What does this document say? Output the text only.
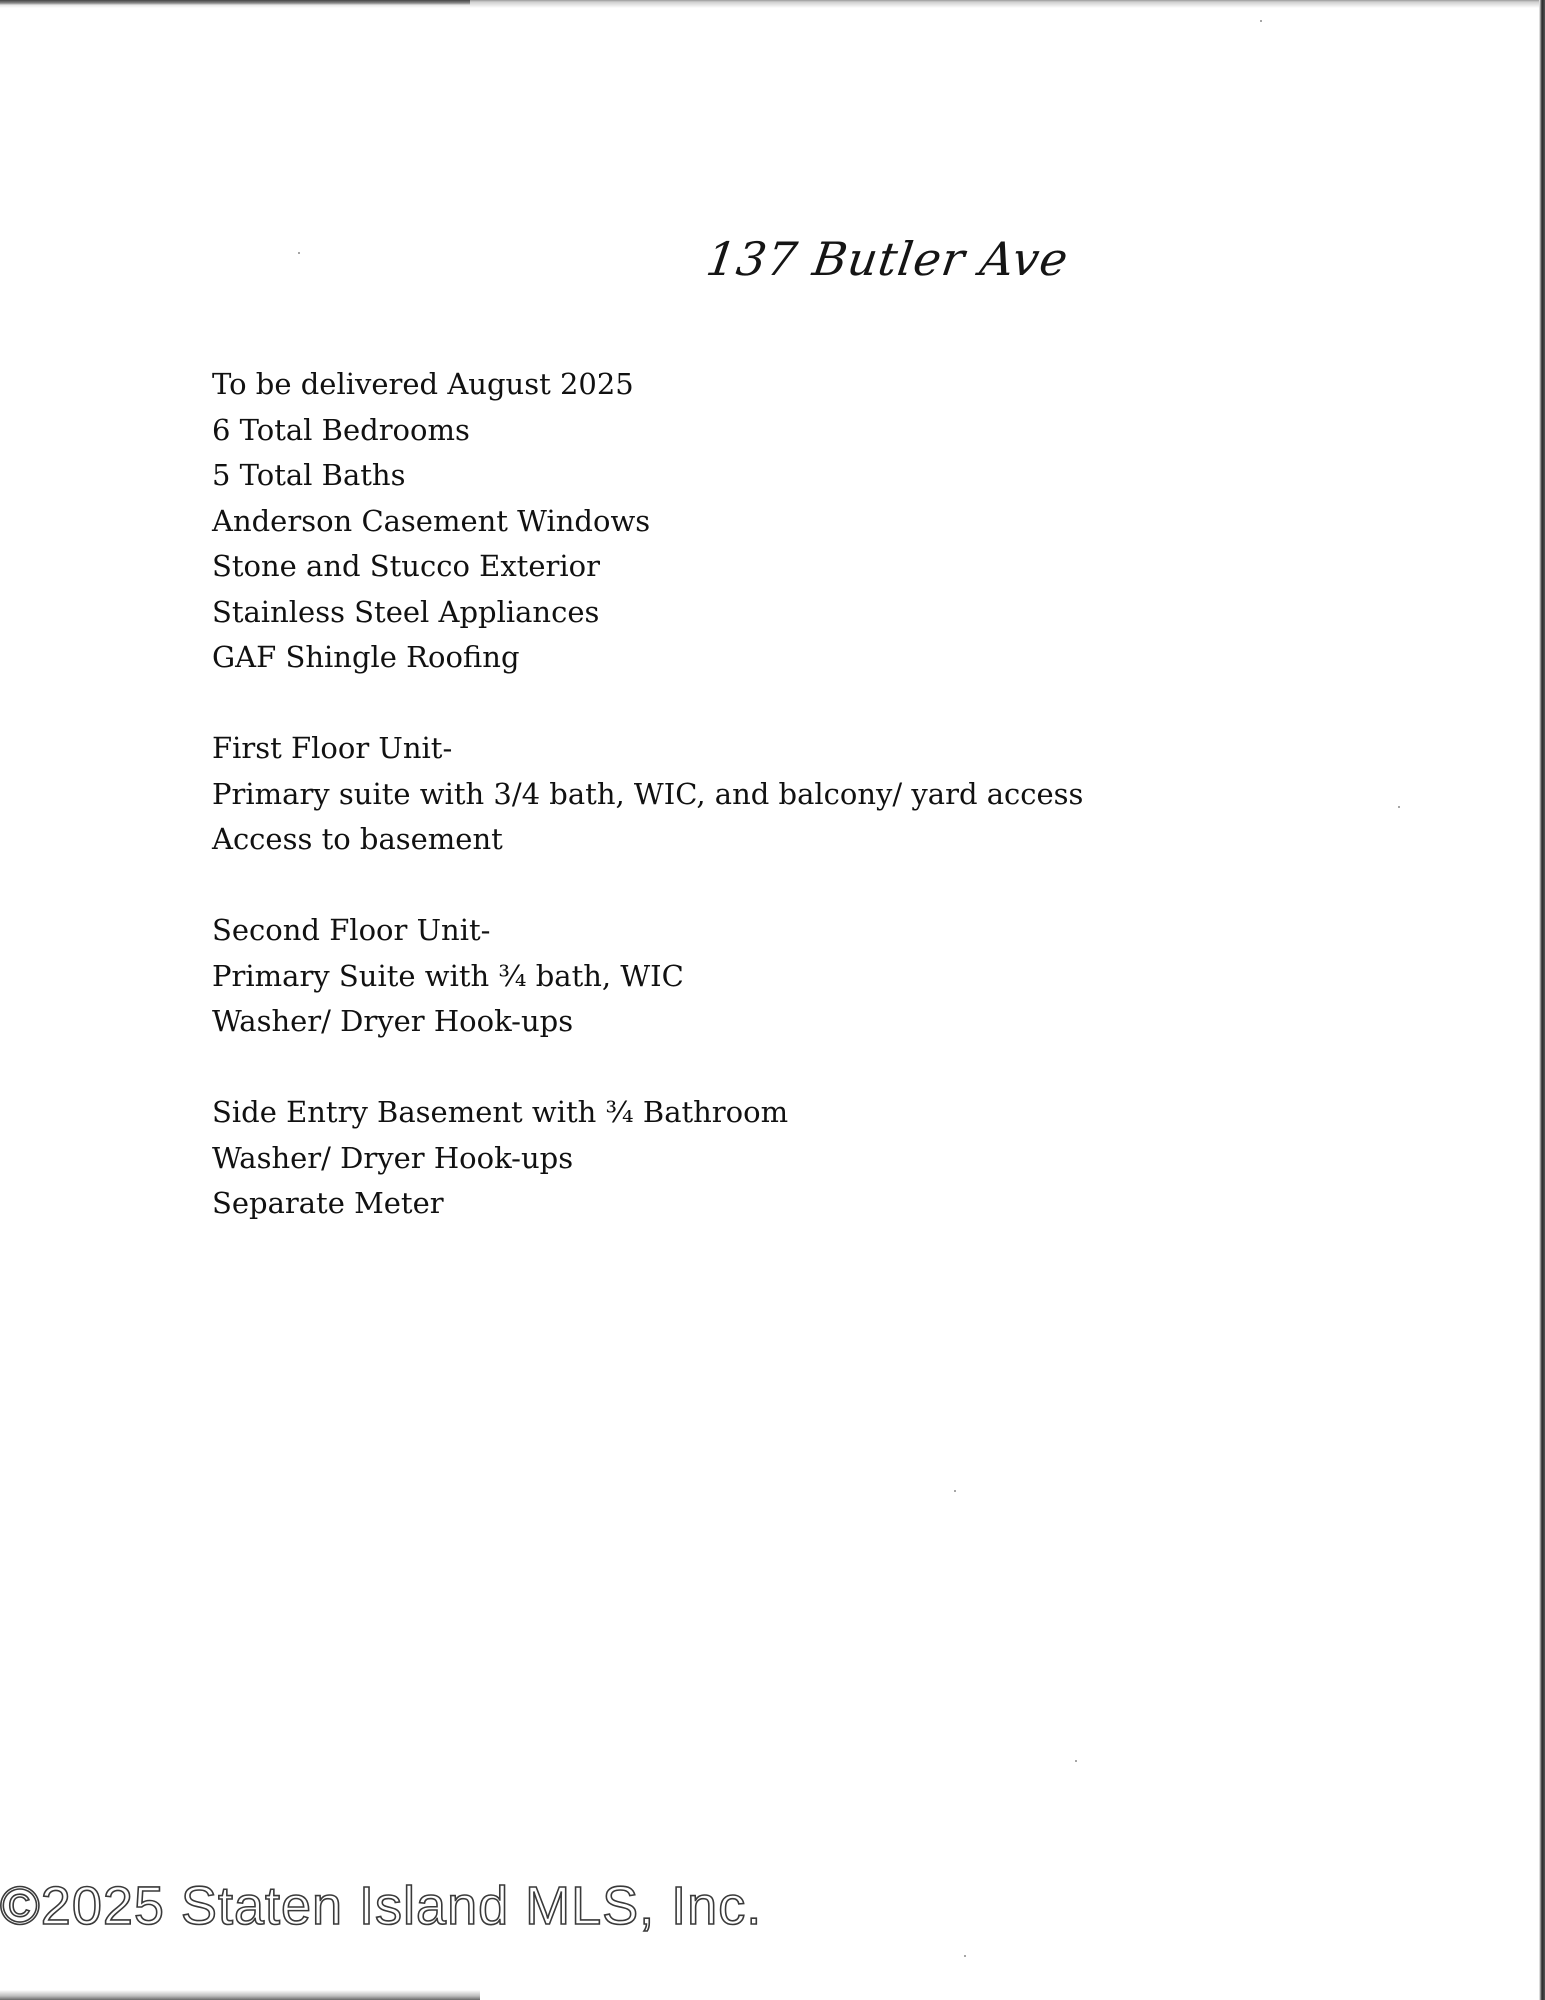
137 Butler Ave
To be delivered August 2025
6 Total Bedrooms
5 Total Baths
Anderson Casement Windows
Stone and Stucco Exterior
Stainless Steel Appliances
GAF Shingle Roofing
First Floor Unit-
Primary suite with 3/4 bath, WIC, and balcony/ yard access
Access to basement
Second Floor Unit-
Primary Suite with ¾ bath, WIC
Washer/ Dryer Hook-ups
Side Entry Basement with ¾ Bathroom
Washer/ Dryer Hook-ups
Separate Meter
©2025 Staten Island MLS, Inc.
